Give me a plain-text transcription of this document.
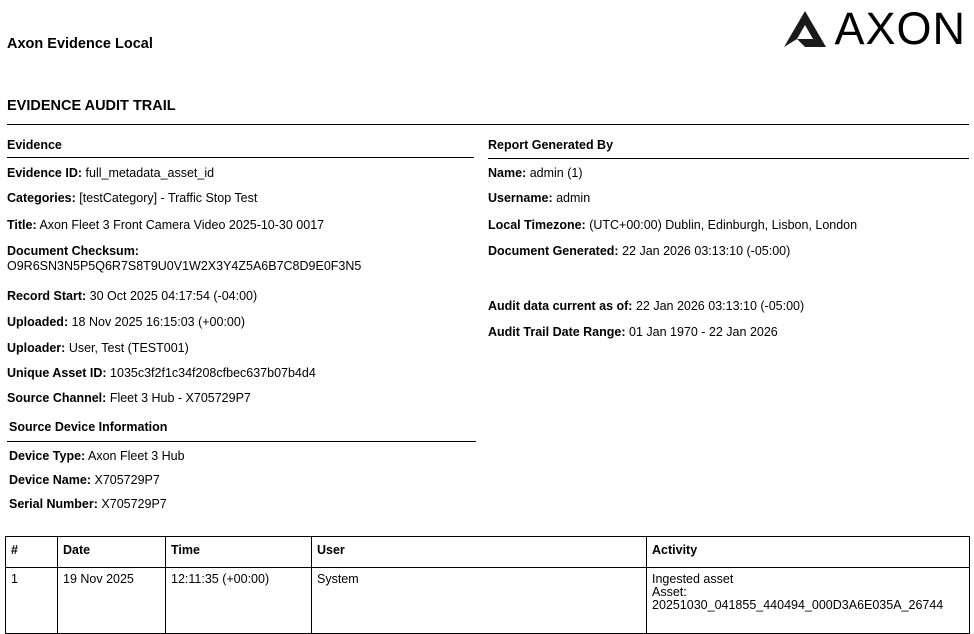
Axon Evidence Local	AXON
EVIDENCE AUDIT TRAIL
Evidence
Evidence ID: full_metadata_asset_id
Categories: [testCategory] - Traffic Stop Test
Title: Axon Fleet 3 Front Camera Video 2025-10-30 0017
Document Checksum:
O9R6SN3N5P5Q6R7S8T9U0V1W2X3Y4Z5A6B7C8D9E0F3N5
Record Start: 30 Oct 2025 04:17:54 (-04:00)
Uploaded: 18 Nov 2025 16:15:03 (+00:00)
Uploader: User, Test (TEST001)
Unique Asset ID: 1035c3f2f1c34f208cfbec637b07b4d4
Source Channel: Fleet 3 Hub - X705729P7
Source Device Information
Device Type: Axon Fleet 3 Hub
Device Name: X705729P7
Serial Number: X705729P7
Report Generated By
Name: admin (1)
Username: admin
Local Timezone: (UTC+00:00) Dublin, Edinburgh, Lisbon, London
Document Generated: 22 Jan 2026 03:13:10 (-05:00)
Audit data current as of: 22 Jan 2026 03:13:10 (-05:00)
Audit Trail Date Range: 01 Jan 1970 - 22 Jan 2026
#	Date	Time	User	Activity
1	19 Nov 2025	12:11:35 (+00:00)	System	Ingested asset
Asset:
20251030_041855_440494_000D3A6E035A_26744
